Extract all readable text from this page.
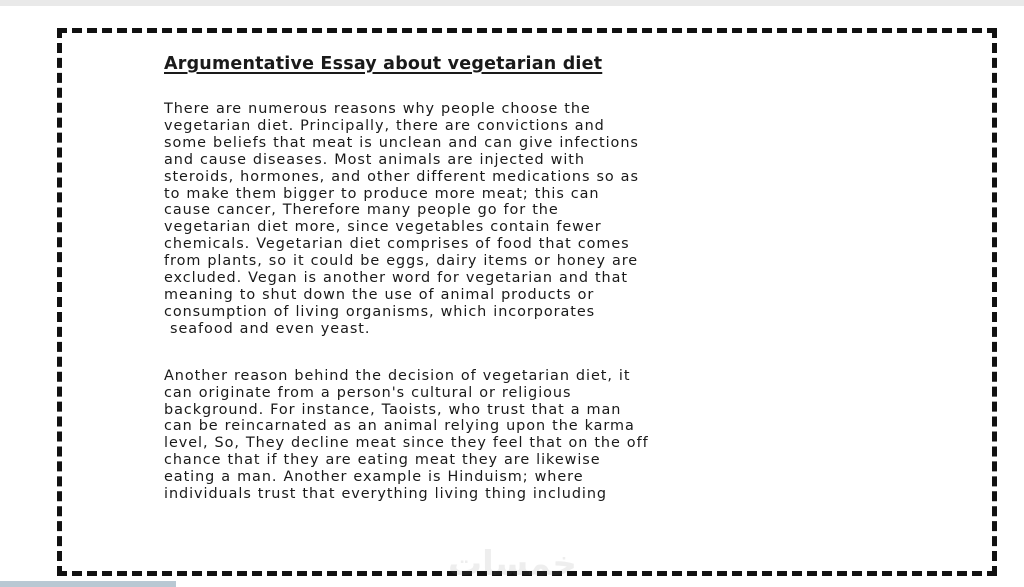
Argumentative Essay about vegetarian diet

There are numerous reasons why people choose the
vegetarian diet. Principally, there are convictions and
some beliefs that meat is unclean and can give infections
and cause diseases. Most animals are injected with
steroids, hormones, and other different medications so as
to make them bigger to produce more meat; this can
cause cancer, Therefore many people go for the
vegetarian diet more, since vegetables contain fewer
chemicals. Vegetarian diet comprises of food that comes
from plants, so it could be eggs, dairy items or honey are
excluded. Vegan is another word for vegetarian and that
meaning to shut down the use of animal products or
consumption of living organisms, which incorporates
seafood and even yeast.

Another reason behind the decision of vegetarian diet, it
can originate from a person's cultural or religious
background. For instance, Taoists, who trust that a man
can be reincarnated as an animal relying upon the karma
level, So, They decline meat since they feel that on the off
chance that if they are eating meat they are likewise
eating a man. Another example is Hinduism; where
individuals trust that everything living thing including

خمسات
